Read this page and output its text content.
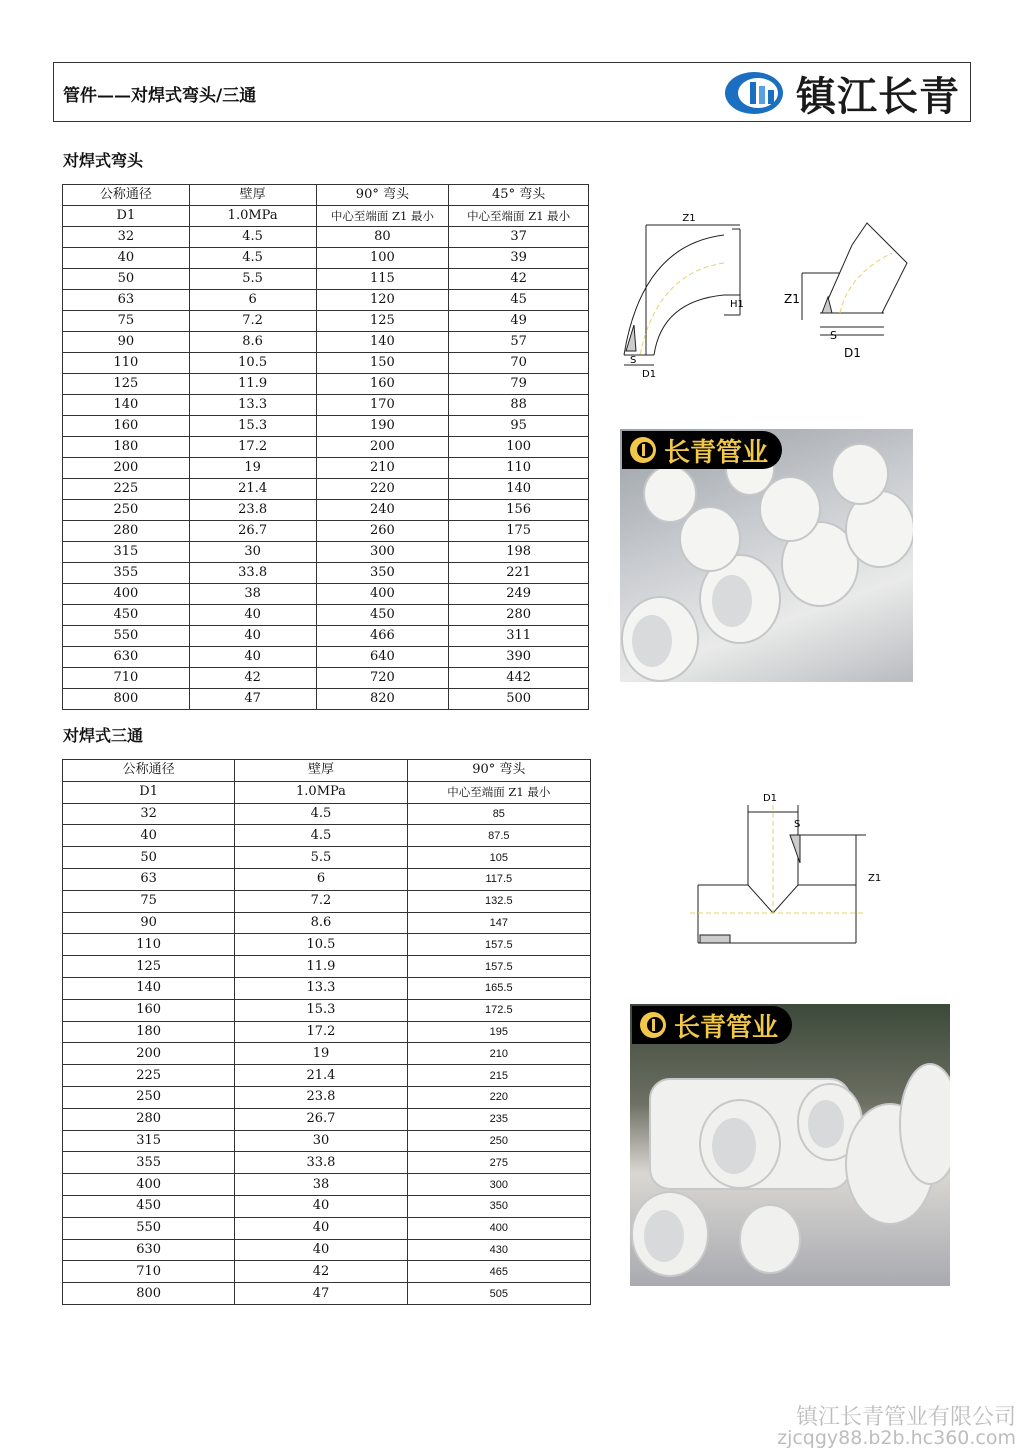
管件——对焊式弯头/三通	镇江长青
对焊式弯头
公称通径	壁厚	90° 弯头	45° 弯头
D1	1.0MPa	中心至端面 Z1 最小	中心至端面 Z1 最小
32	4.5	80	37
40	4.5	100	39
50	5.5	115	42
63	6	120	45
75	7.2	125	49
90	8.6	140	57
110	10.5	150	70
125	11.9	160	79
140	13.3	170	88
160	15.3	190	95
180	17.2	200	100
200	19	210	110
225	21.4	220	140
250	23.8	240	156
280	26.7	260	175
315	30	300	198
355	33.8	350	221
400	38	400	249
450	40	450	280
550	40	466	311
630	40	640	390
710	42	720	442
800	47	820	500
Z1
H1
S
D1
Z1
S
D1
长青管业
对焊式三通
公称通径	壁厚	90° 弯头
D1	1.0MPa	中心至端面 Z1 最小
32	4.5	85
40	4.5	87.5
50	5.5	105
63	6	117.5
75	7.2	132.5
90	8.6	147
110	10.5	157.5
125	11.9	157.5
140	13.3	165.5
160	15.3	172.5
180	17.2	195
200	19	210
225	21.4	215
250	23.8	220
280	26.7	235
315	30	250
355	33.8	275
400	38	300
450	40	350
550	40	400
630	40	430
710	42	465
800	47	505
D1
S
Z1
长青管业
镇江长青管业有限公司
zjcqgy88.b2b.hc360.com
